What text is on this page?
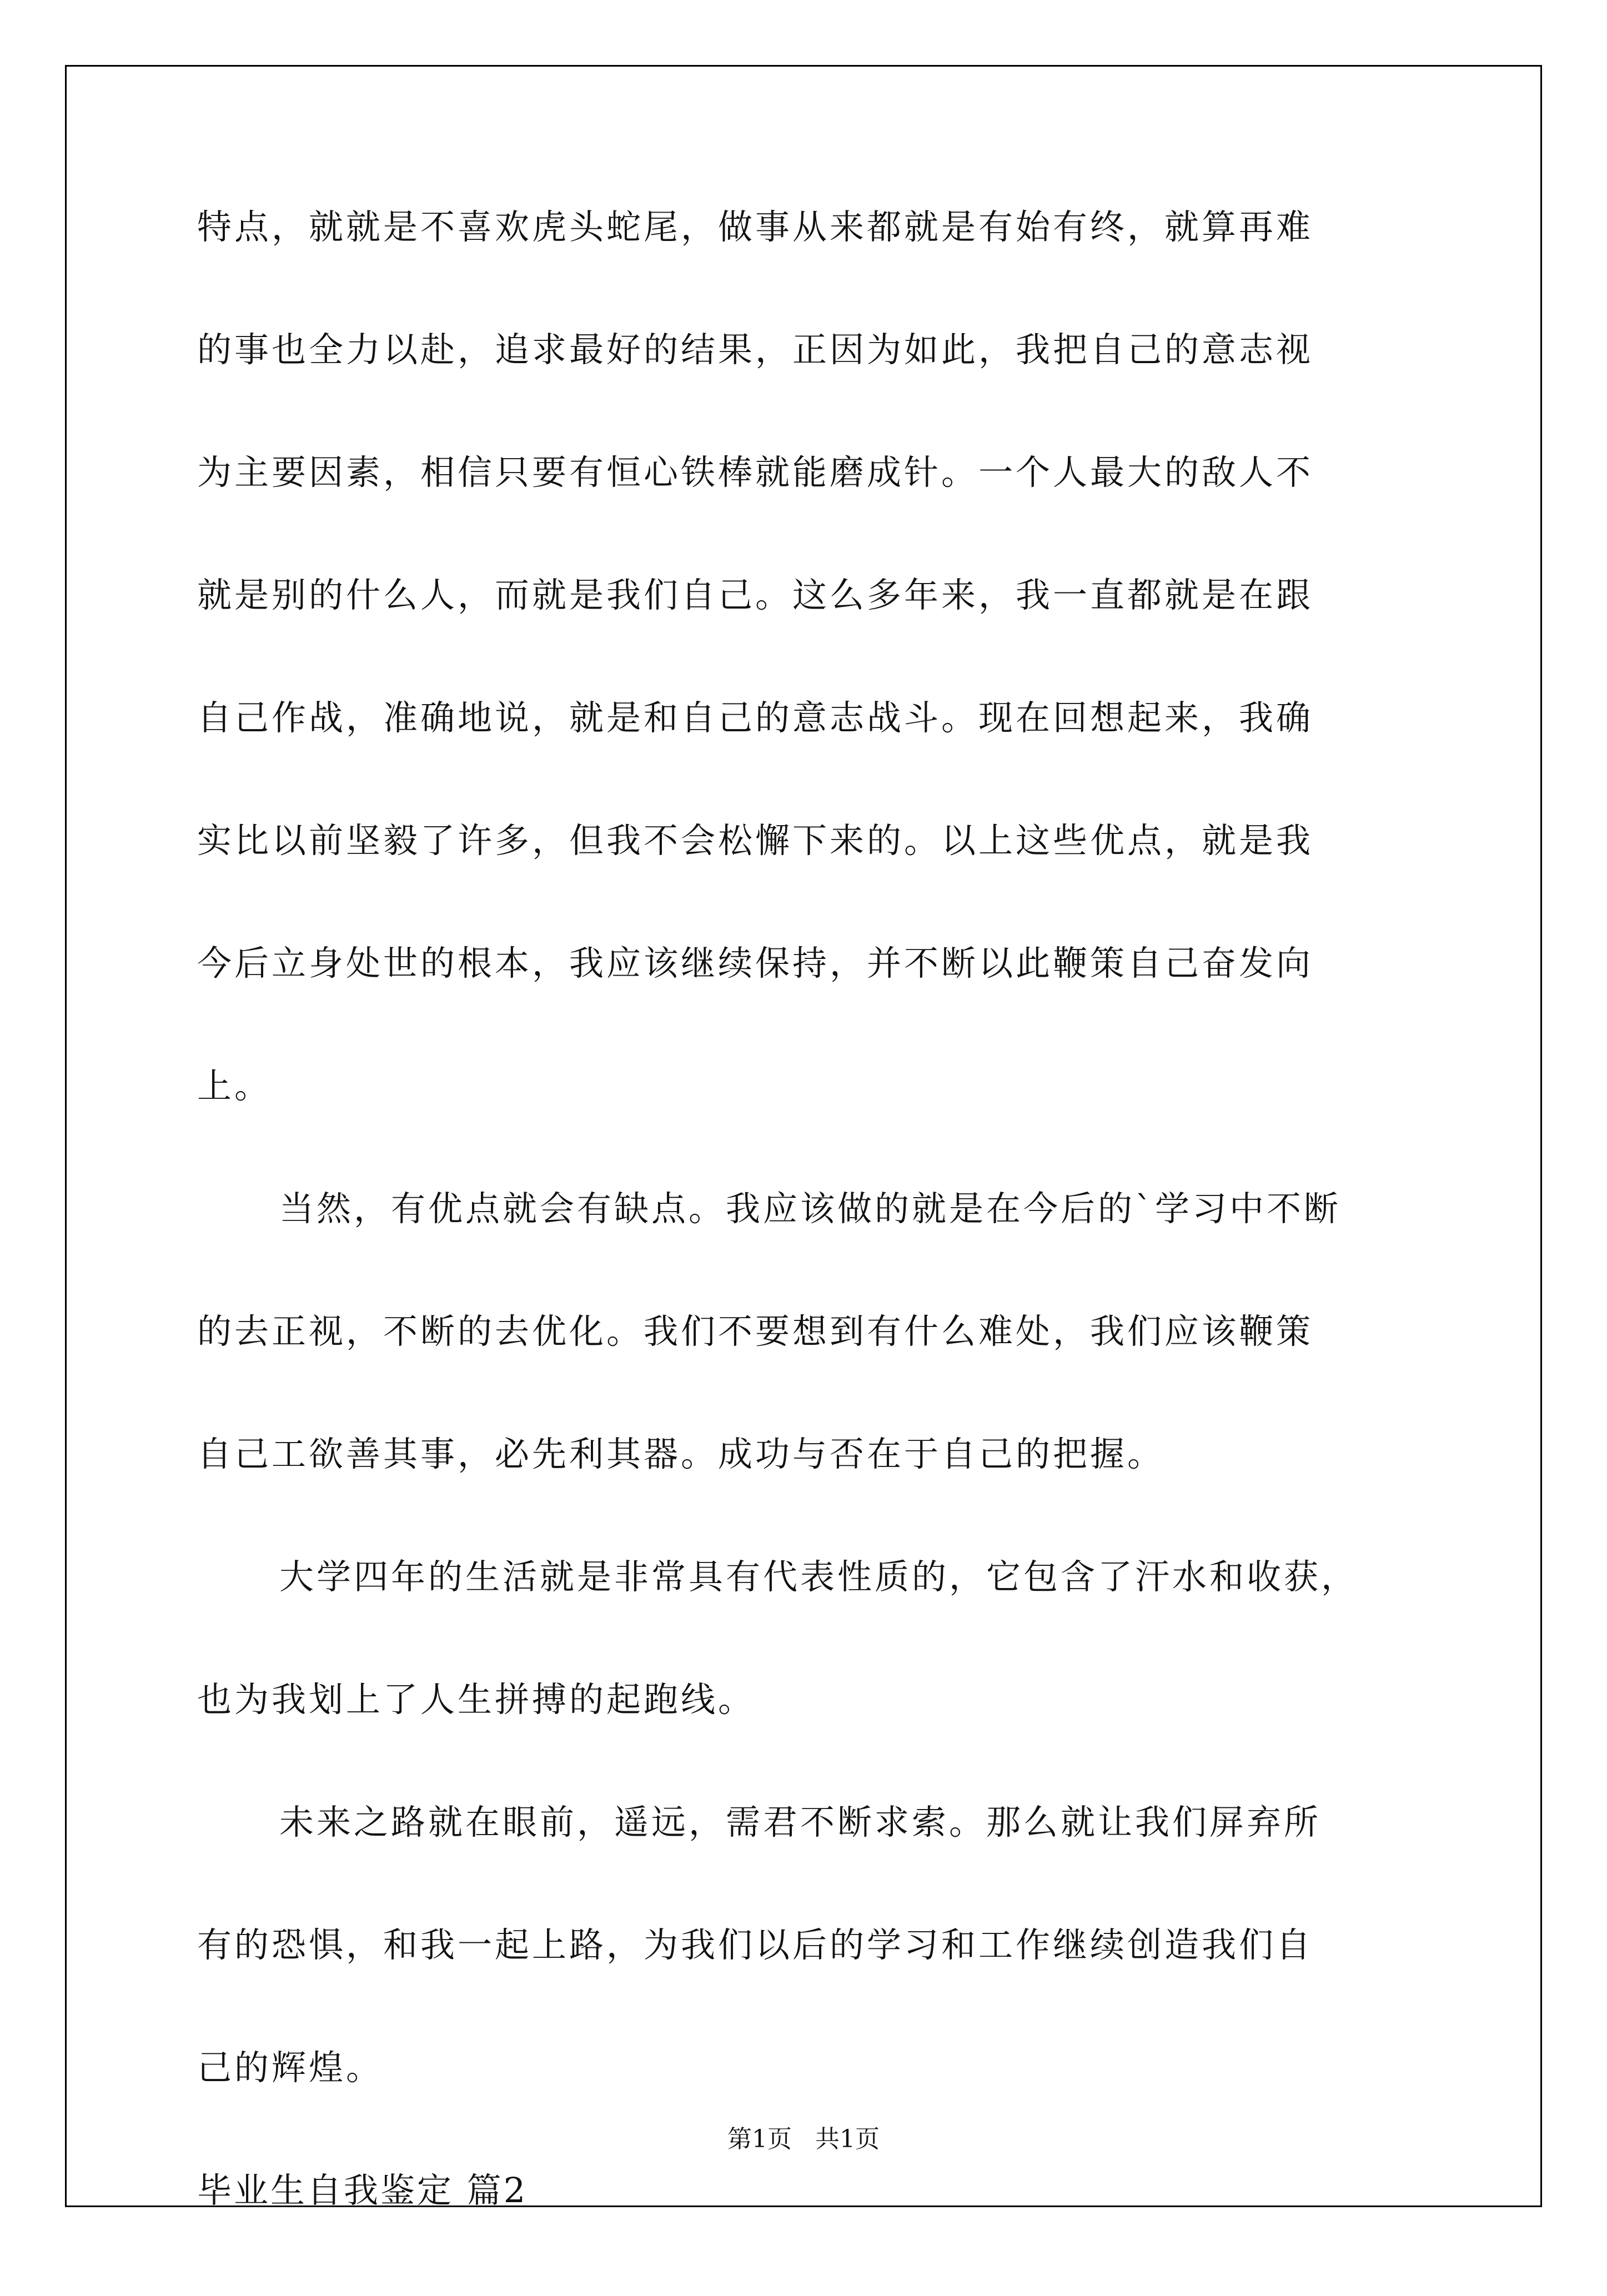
特点，就就是不喜欢虎头蛇尾，做事从来都就是有始有终，就算再难
的事也全力以赴，追求最好的结果，正因为如此，我把自己的意志视
为主要因素，相信只要有恒心铁棒就能磨成针。一个人最大的敌人不
就是别的什么人，而就是我们自己。这么多年来，我一直都就是在跟
自己作战，准确地说，就是和自己的意志战斗。现在回想起来，我确
实比以前坚毅了许多，但我不会松懈下来的。以上这些优点，就是我
今后立身处世的根本，我应该继续保持，并不断以此鞭策自己奋发向
上。
当然，有优点就会有缺点。我应该做的就是在今后的`学习中不断
的去正视，不断的去优化。我们不要想到有什么难处，我们应该鞭策
自己工欲善其事，必先利其器。成功与否在于自己的把握。
大学四年的生活就是非常具有代表性质的，它包含了汗水和收获，
也为我划上了人生拼搏的起跑线。
未来之路就在眼前，遥远，需君不断求索。那么就让我们屏弃所
有的恐惧，和我一起上路，为我们以后的学习和工作继续创造我们自
己的辉煌。
毕业生自我鉴定 篇2
第1页   共1页
